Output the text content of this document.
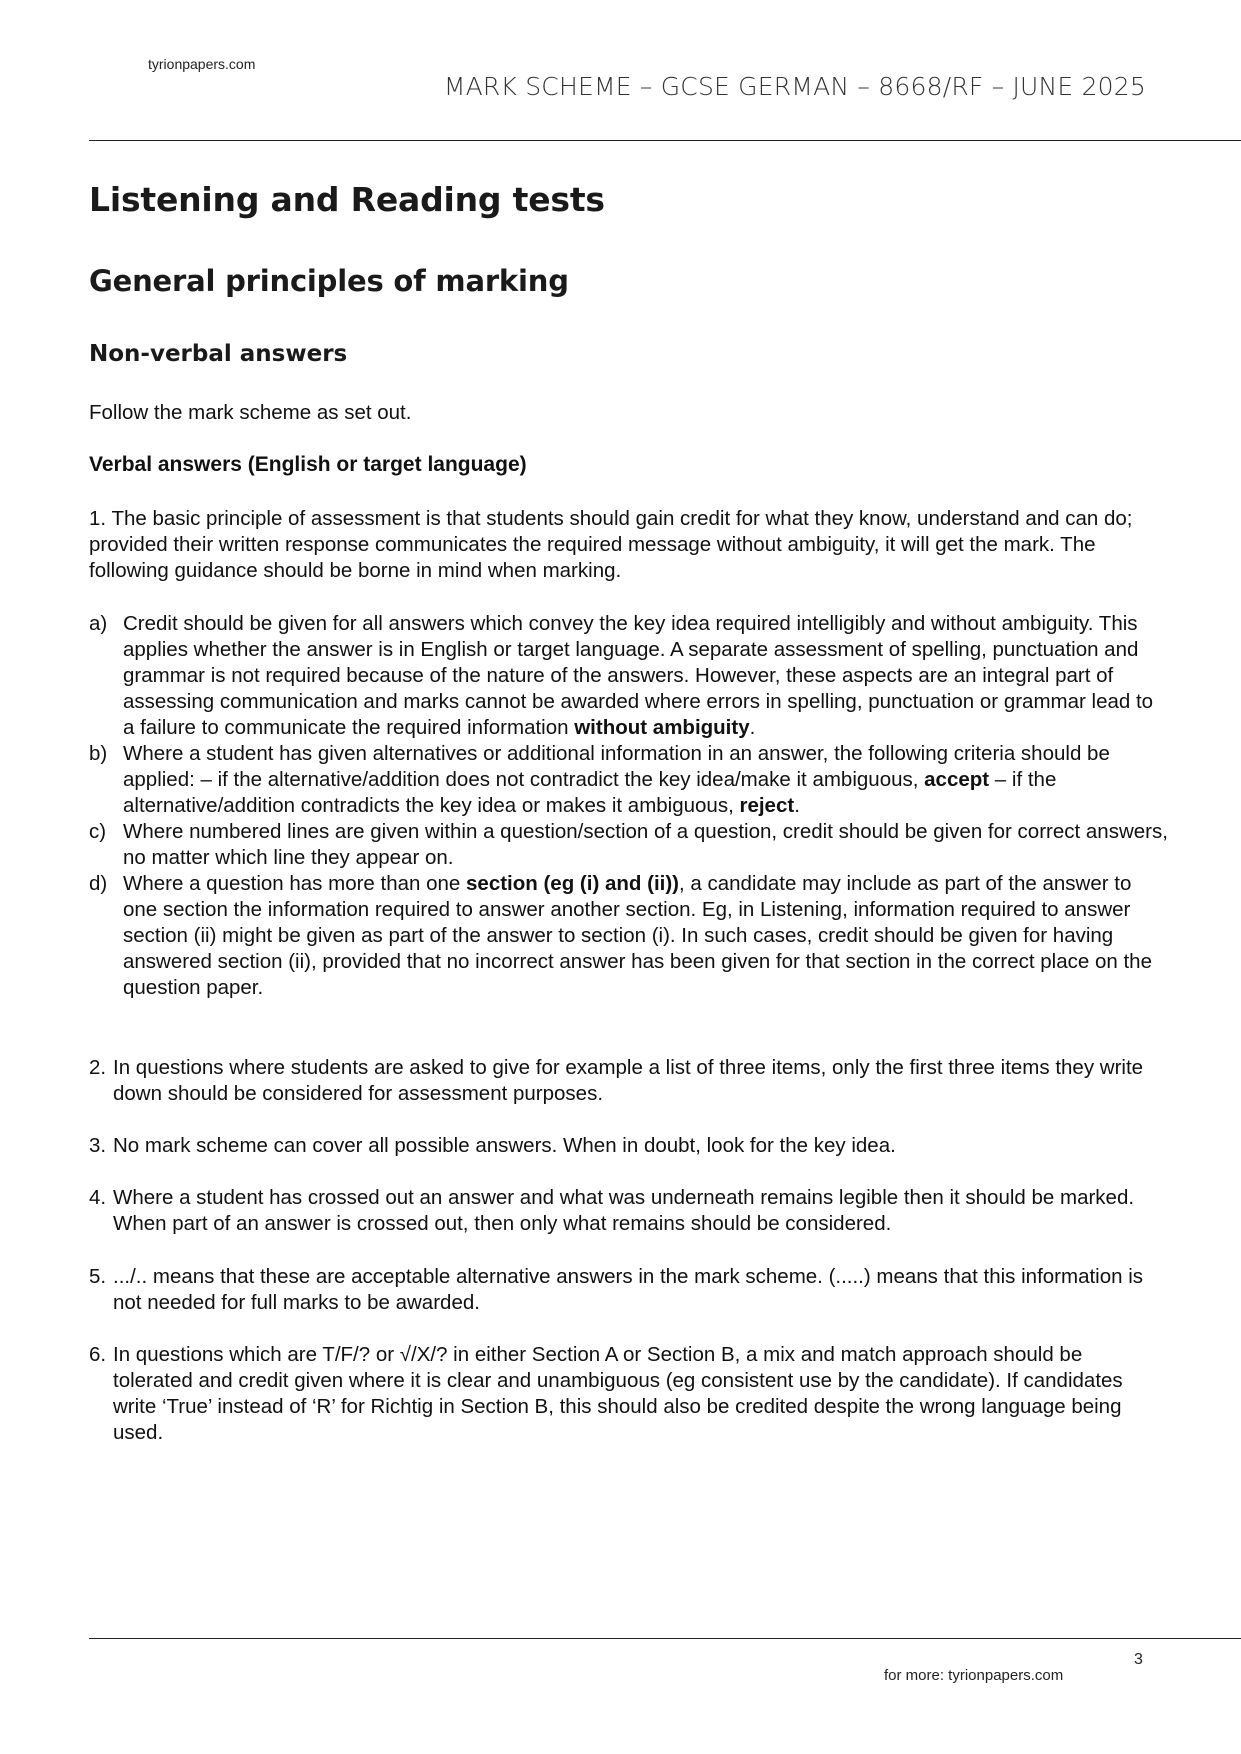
tyrionpapers.com
MARK SCHEME – GCSE GERMAN – 8668/RF – JUNE 2025
Listening and Reading tests
General principles of marking
Non-verbal answers
Follow the mark scheme as set out.
Verbal answers (English or target language)
1. The basic principle of assessment is that students should gain credit for what they know, understand and can do; provided their written response communicates the required message without ambiguity, it will get the mark. The following guidance should be borne in mind when marking.
a) Credit should be given for all answers which convey the key idea required intelligibly and without ambiguity. This applies whether the answer is in English or target language. A separate assessment of spelling, punctuation and grammar is not required because of the nature of the answers. However, these aspects are an integral part of assessing communication and marks cannot be awarded where errors in spelling, punctuation or grammar lead to a failure to communicate the required information without ambiguity.
b) Where a student has given alternatives or additional information in an answer, the following criteria should be applied: – if the alternative/addition does not contradict the key idea/make it ambiguous, accept – if the alternative/addition contradicts the key idea or makes it ambiguous, reject.
c) Where numbered lines are given within a question/section of a question, credit should be given for correct answers, no matter which line they appear on.
d) Where a question has more than one section (eg (i) and (ii)), a candidate may include as part of the answer to one section the information required to answer another section. Eg, in Listening, information required to answer section (ii) might be given as part of the answer to section (i). In such cases, credit should be given for having answered section (ii), provided that no incorrect answer has been given for that section in the correct place on the question paper.
2. In questions where students are asked to give for example a list of three items, only the first three items they write down should be considered for assessment purposes.
3. No mark scheme can cover all possible answers. When in doubt, look for the key idea.
4. Where a student has crossed out an answer and what was underneath remains legible then it should be marked. When part of an answer is crossed out, then only what remains should be considered.
5. .../.. means that these are acceptable alternative answers in the mark scheme. (.....) means that this information is not needed for full marks to be awarded.
6. In questions which are T/F/? or √/X/? in either Section A or Section B, a mix and match approach should be tolerated and credit given where it is clear and unambiguous (eg consistent use by the candidate). If candidates write ‘True’ instead of ‘R’ for Richtig in Section B, this should also be credited despite the wrong language being used.
3
for more: tyrionpapers.com
